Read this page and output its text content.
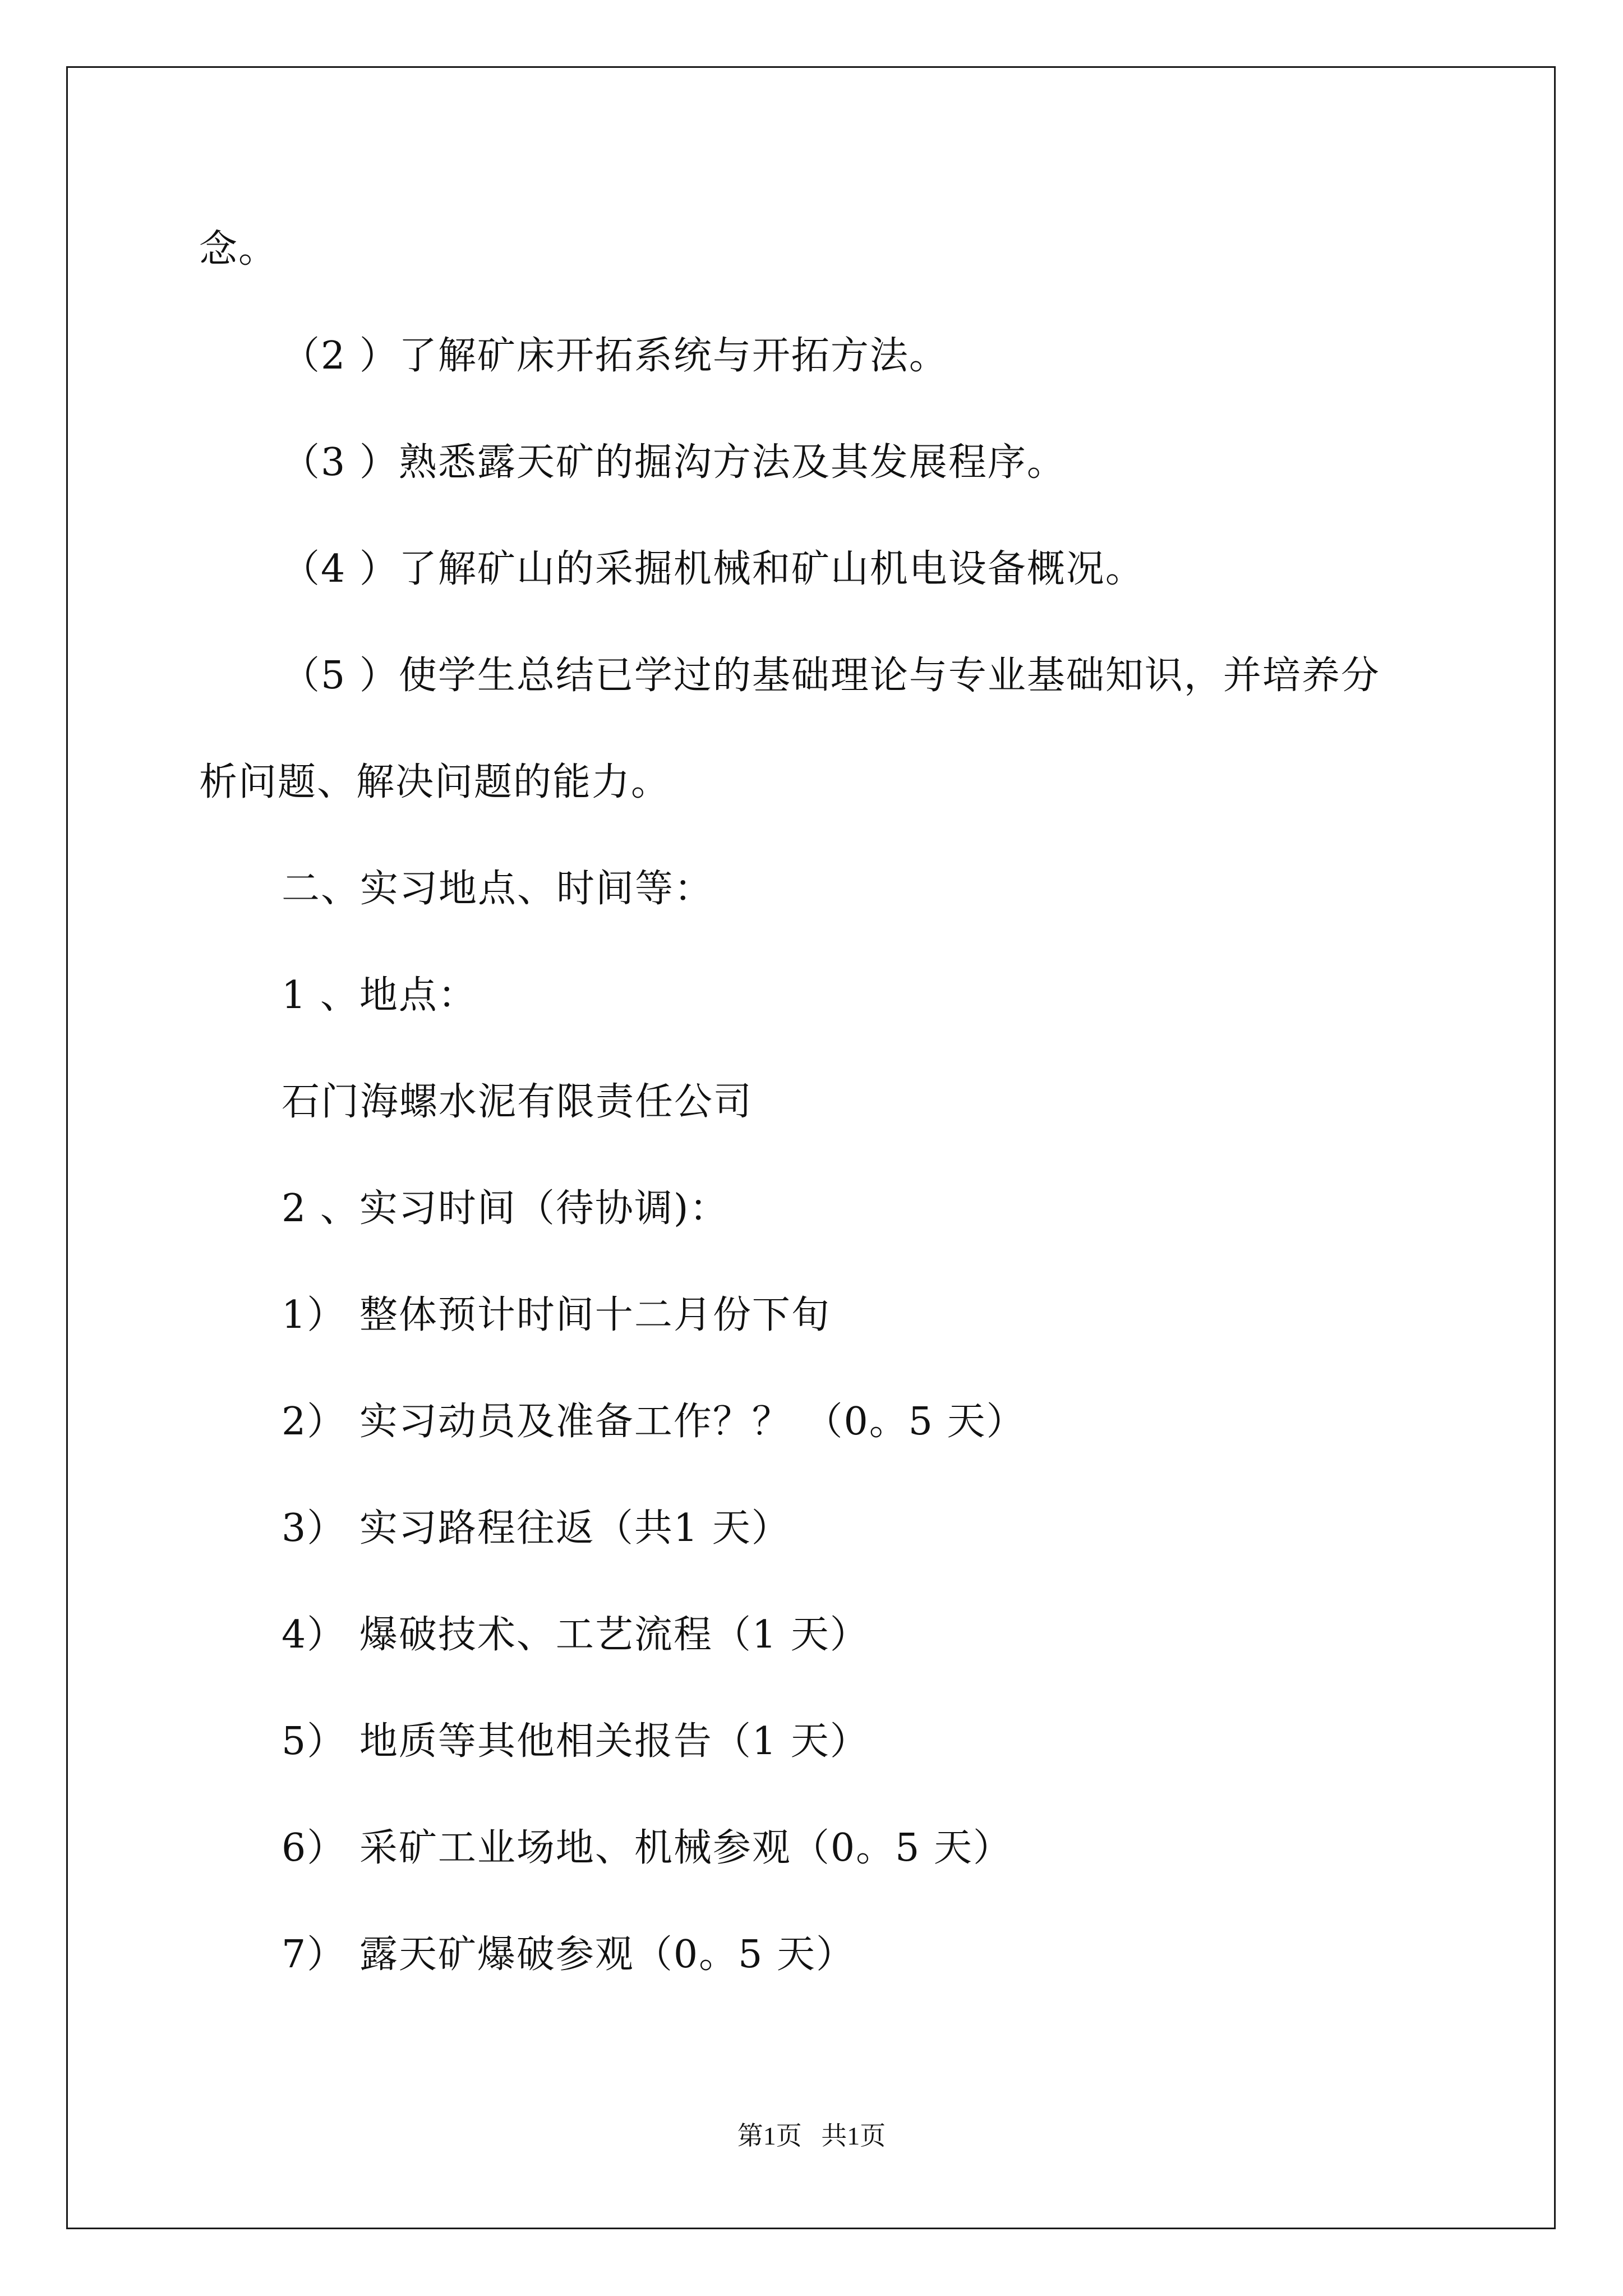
念。
（2 ）了解矿床开拓系统与开拓方法。
（3 ）熟悉露天矿的掘沟方法及其发展程序。
（4 ）了解矿山的采掘机械和矿山机电设备概况。
（5 ）使学生总结已学过的基础理论与专业基础知识，并培养分
析问题、解决问题的能力。
二、实习地点、时间等：
1 、地点：
石门海螺水泥有限责任公司
2 、实习时间（待协调)：
1） 整体预计时间十二月份下旬
2） 实习动员及准备工作？？ （0。5 天）
3） 实习路程往返（共1 天）
4） 爆破技术、工艺流程（1 天）
5） 地质等其他相关报告（1 天）
6） 采矿工业场地、机械参观（0。5 天）
7） 露天矿爆破参观（0。5 天）
第1页   共1页
